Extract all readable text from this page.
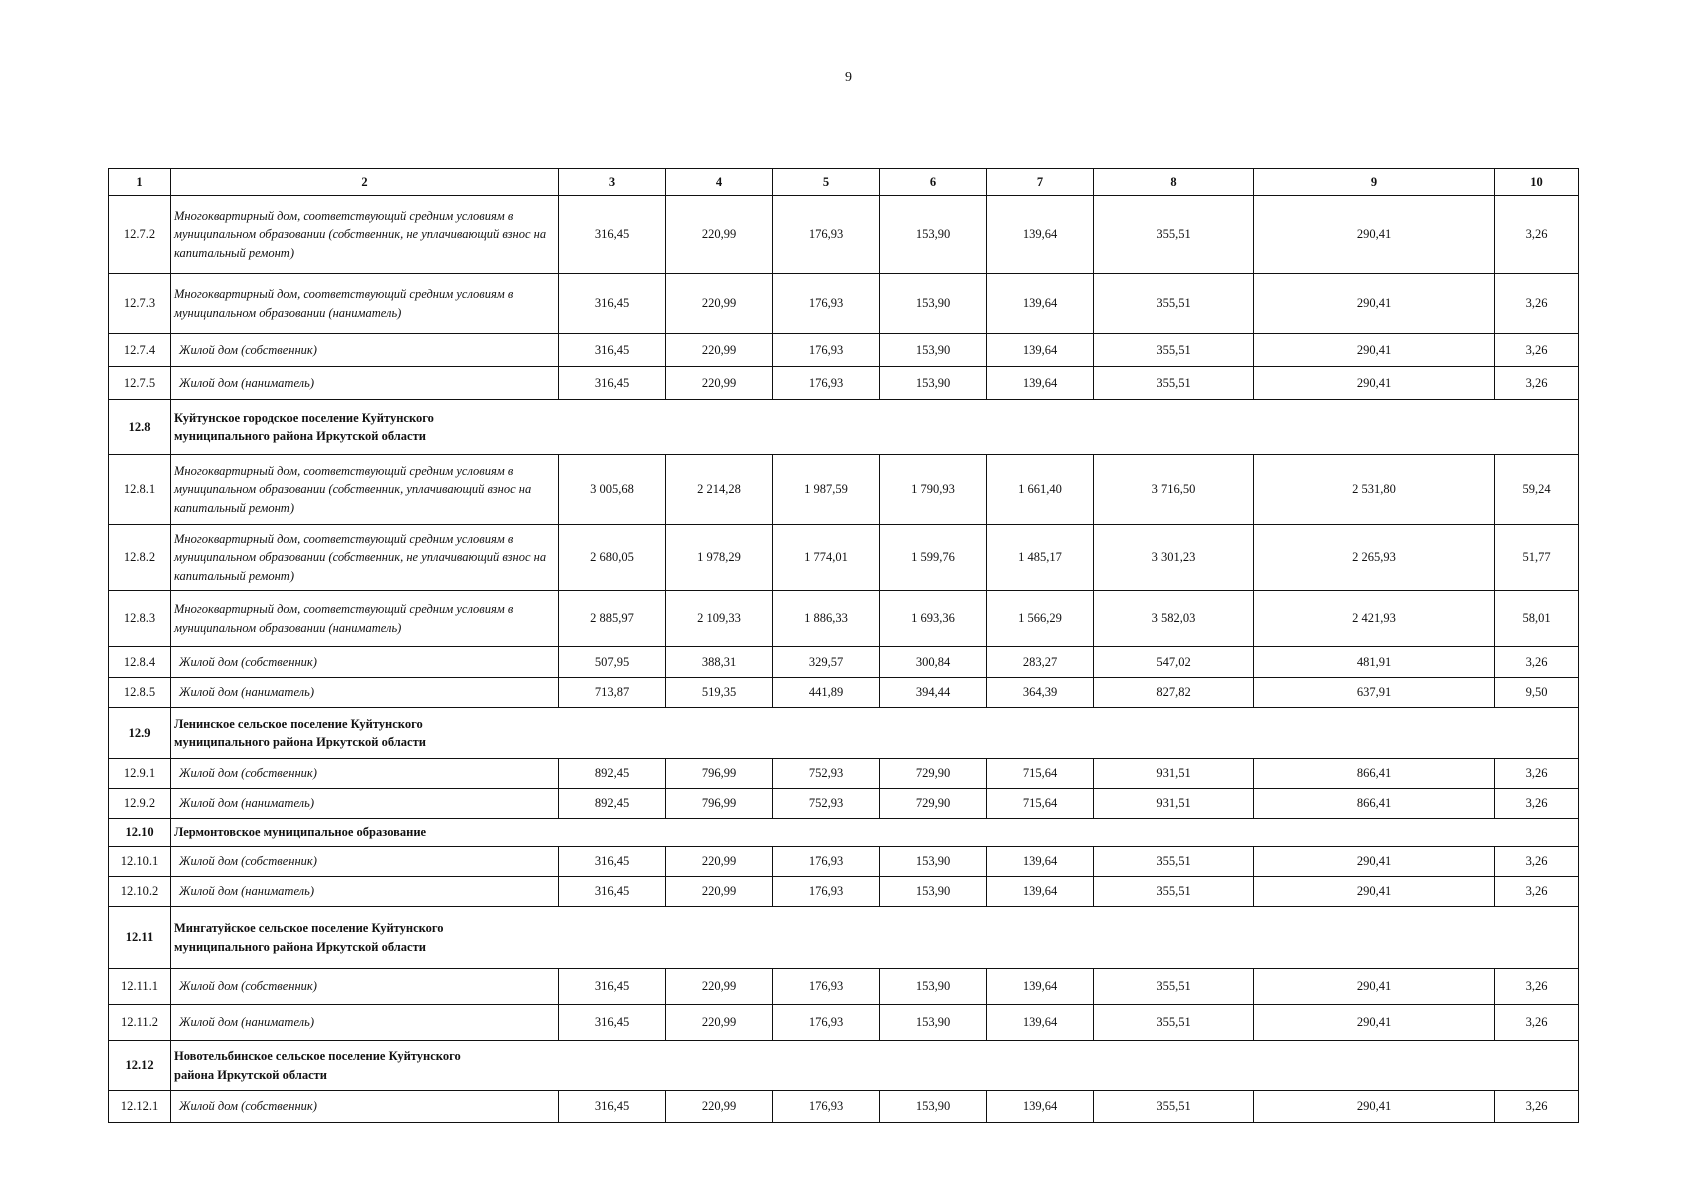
9
1	2	3	4	5	6	7	8	9	10
12.7.2	Многоквартирный дом, соответствующий средним условиям в муниципальном образовании (собственник, не уплачивающий взнос на капитальный ремонт)	316,45	220,99	176,93	153,90	139,64	355,51	290,41	3,26
12.7.3	Многоквартирный дом, соответствующий средним условиям в муниципальном образовании (наниматель)	316,45	220,99	176,93	153,90	139,64	355,51	290,41	3,26
12.7.4	Жилой дом (собственник)	316,45	220,99	176,93	153,90	139,64	355,51	290,41	3,26
12.7.5	Жилой дом (наниматель)	316,45	220,99	176,93	153,90	139,64	355,51	290,41	3,26
12.8	Куйтунское городское поселение Куйтунского муниципального района Иркутской области								

12.8.1	Многоквартирный дом, соответствующий средним условиям в муниципальном образовании (собственник, уплачивающий взнос на капитальный ремонт)	3 005,68	2 214,28	1 987,59	1 790,93	1 661,40	3 716,50	2 531,80	59,24
12.8.2	Многоквартирный дом, соответствующий средним условиям в муниципальном образовании (собственник, не уплачивающий взнос на капитальный ремонт)	2 680,05	1 978,29	1 774,01	1 599,76	1 485,17	3 301,23	2 265,93	51,77
12.8.3	Многоквартирный дом, соответствующий средним условиям в муниципальном образовании (наниматель)	2 885,97	2 109,33	1 886,33	1 693,36	1 566,29	3 582,03	2 421,93	58,01
12.8.4	Жилой дом (собственник)	507,95	388,31	329,57	300,84	283,27	547,02	481,91	3,26
12.8.5	Жилой дом (наниматель)	713,87	519,35	441,89	394,44	364,39	827,82	637,91	9,50
12.9	Ленинское сельское поселение Куйтунского муниципального района Иркутской области								

12.9.1	Жилой дом (собственник)	892,45	796,99	752,93	729,90	715,64	931,51	866,41	3,26
12.9.2	Жилой дом (наниматель)	892,45	796,99	752,93	729,90	715,64	931,51	866,41	3,26
12.10	Лермонтовское муниципальное образование								

12.10.1	Жилой дом (собственник)	316,45	220,99	176,93	153,90	139,64	355,51	290,41	3,26
12.10.2	Жилой дом (наниматель)	316,45	220,99	176,93	153,90	139,64	355,51	290,41	3,26
12.11	Мингатуйское сельское поселение Куйтунского муниципального района Иркутской области								

12.11.1	Жилой дом (собственник)	316,45	220,99	176,93	153,90	139,64	355,51	290,41	3,26
12.11.2	Жилой дом (наниматель)	316,45	220,99	176,93	153,90	139,64	355,51	290,41	3,26
12.12	Новотельбинское сельское поселение Куйтунского района Иркутской области								

12.12.1	Жилой дом (собственник)	316,45	220,99	176,93	153,90	139,64	355,51	290,41	3,26
